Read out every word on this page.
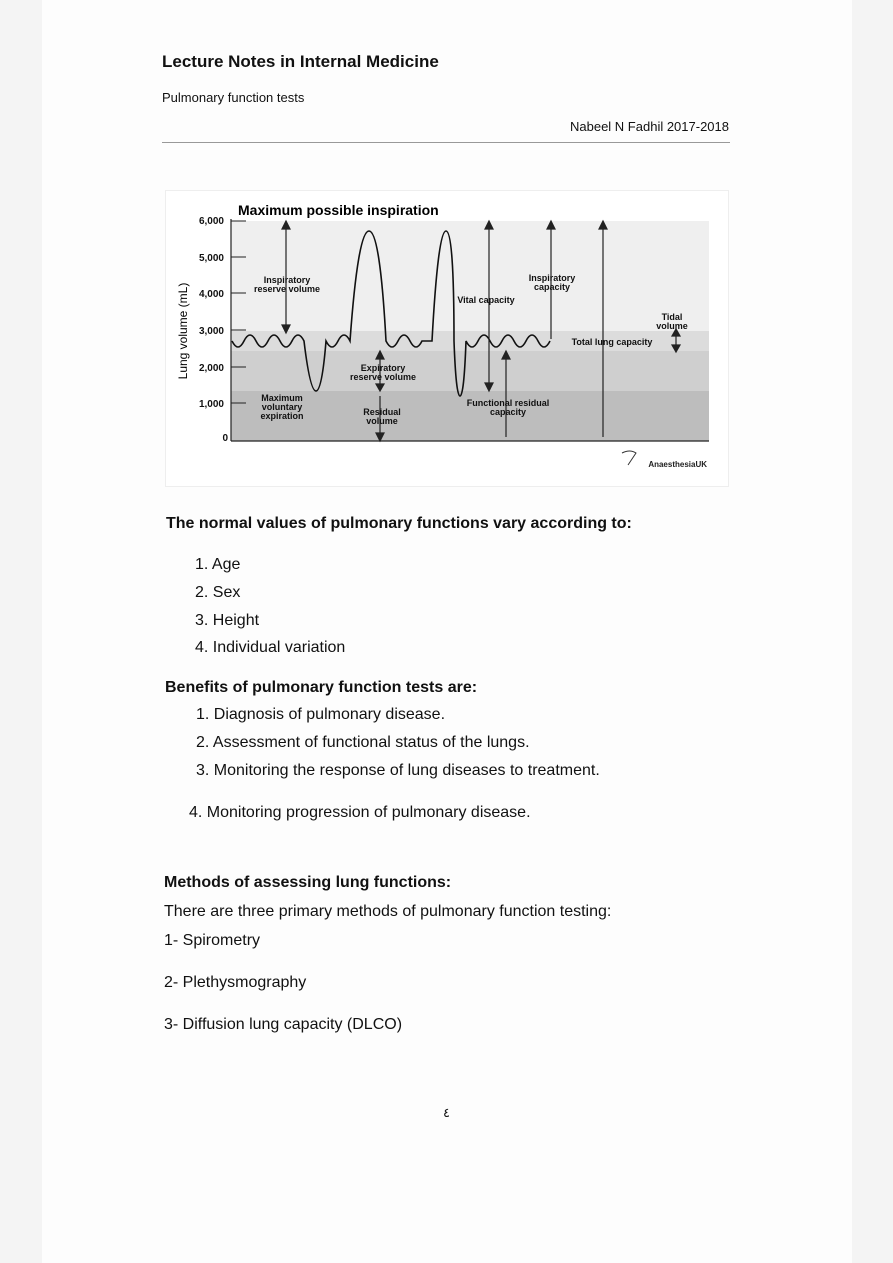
Lecture Notes in Internal Medicine
Pulmonary function tests
Nabeel N Fadhil 2017-2018
6,000
5,000
4,000
3,000
2,000
1,000
0
Lung volume (mL)
Maximum possible inspiration
Inspiratory
reserve volume
Expiratory
reserve volume
Maximum
voluntary
expiration	Residual
volume
Vital capacity
Inspiratory
capacity
Functional residual
capacity
Total lung capacity
Tidal
volume
AnaesthesiaUK
The normal values of pulmonary functions vary according to:
1. Age
2. Sex
3. Height
4. Individual variation
Benefits of pulmonary function tests are:
1. Diagnosis of pulmonary disease.
2. Assessment of functional status of the lungs.
3. Monitoring the response of lung diseases to treatment.
4. Monitoring progression of pulmonary disease.
Methods of assessing lung functions:
There are three primary methods of pulmonary function testing:
1- Spirometry
2- Plethysmography
3- Diffusion lung capacity (DLCO)
٤
